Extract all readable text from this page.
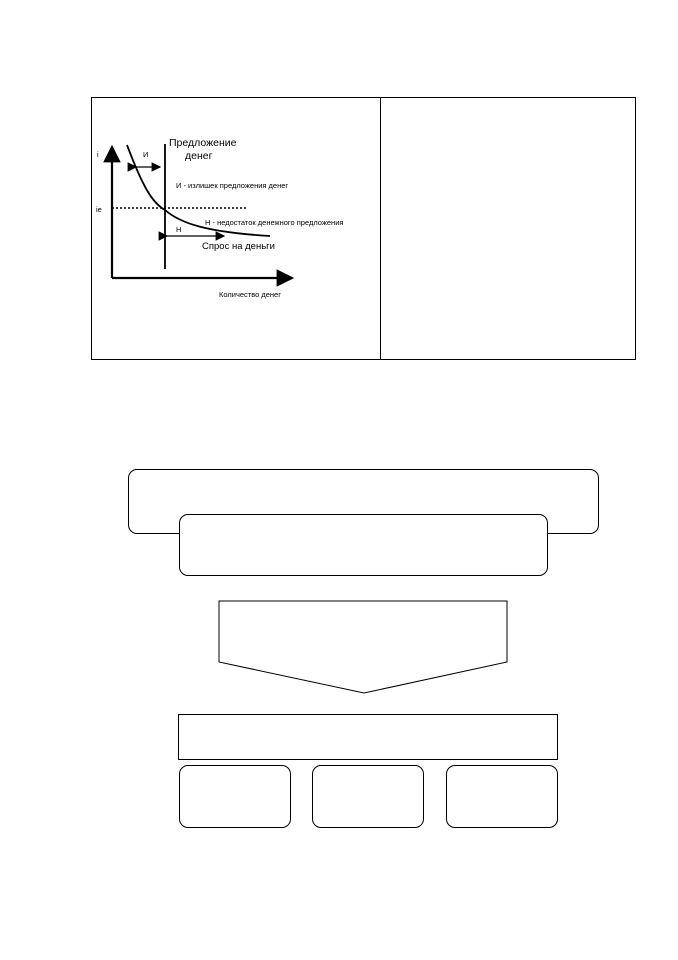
i
ie
Предложение
денег
И
И - излишек предложения денег
Н - недостаток денежного предложения
Н
Спрос на деньги
Количество денег
